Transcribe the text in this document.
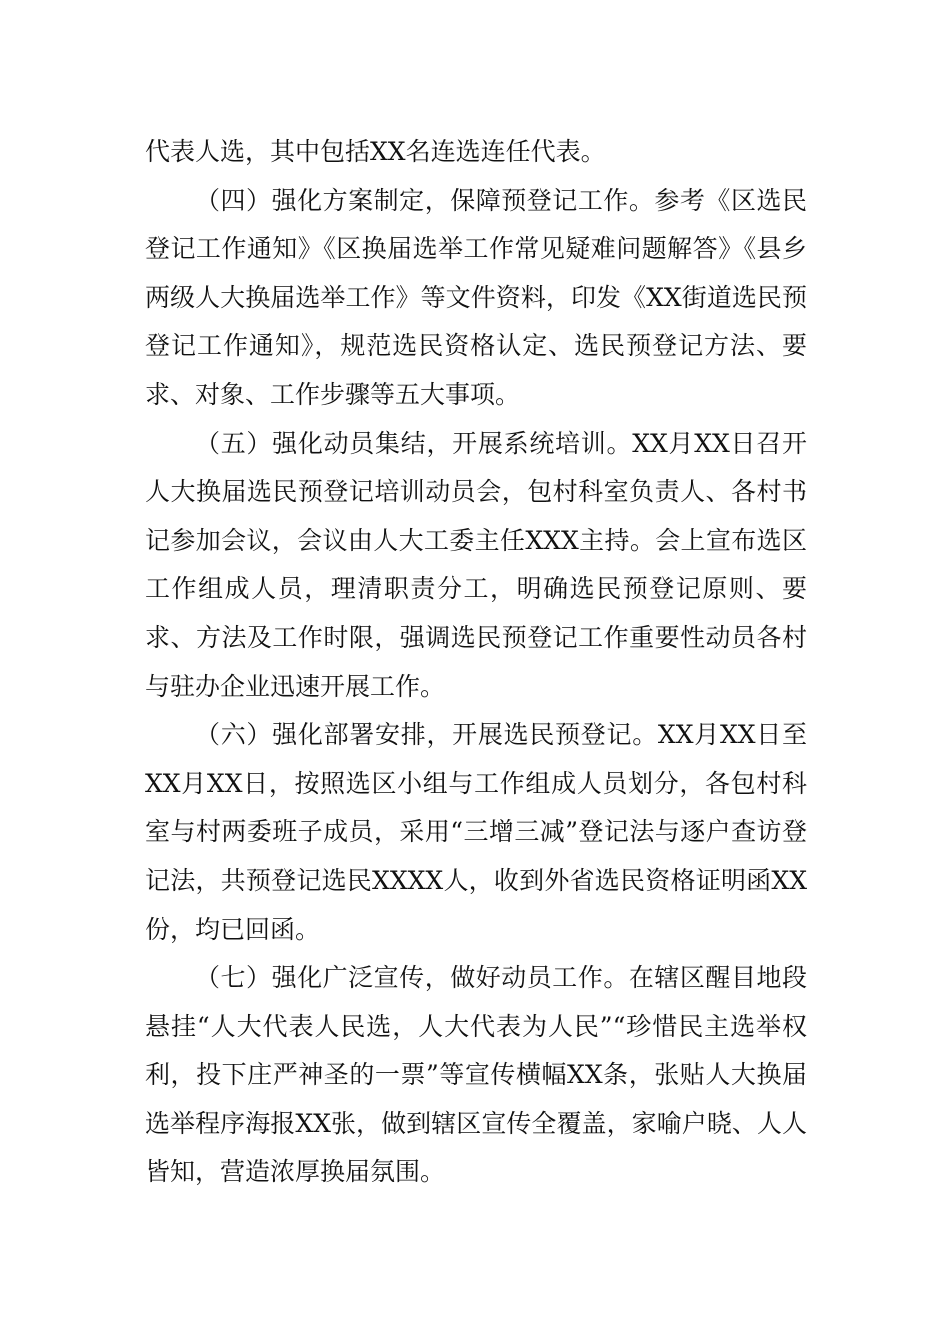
代表人选，其中包括XX名连选连任代表。

（四）强化方案制定，保障预登记工作。参考《区选民登记工作通知》《区换届选举工作常见疑难问题解答》《县乡两级人大换届选举工作》等文件资料，印发《XX街道选民预登记工作通知》，规范选民资格认定、选民预登记方法、要求、对象、工作步骤等五大事项。

（五）强化动员集结，开展系统培训。XX月XX日召开人大换届选民预登记培训动员会，包村科室负责人、各村书记参加会议，会议由人大工委主任XXX主持。会上宣布选区工作组成人员，理清职责分工，明确选民预登记原则、要求、方法及工作时限，强调选民预登记工作重要性动员各村与驻办企业迅速开展工作。

（六）强化部署安排，开展选民预登记。XX月XX日至XX月XX日，按照选区小组与工作组成人员划分，各包村科室与村两委班子成员，采用“三增三减”登记法与逐户查访登记法，共预登记选民XXXX人，收到外省选民资格证明函XX份，均已回函。

（七）强化广泛宣传，做好动员工作。在辖区醒目地段悬挂“人大代表人民选，人大代表为人民”“珍惜民主选举权利，投下庄严神圣的一票”等宣传横幅XX条，张贴人大换届选举程序海报XX张，做到辖区宣传全覆盖，家喻户晓、人人皆知，营造浓厚换届氛围。
